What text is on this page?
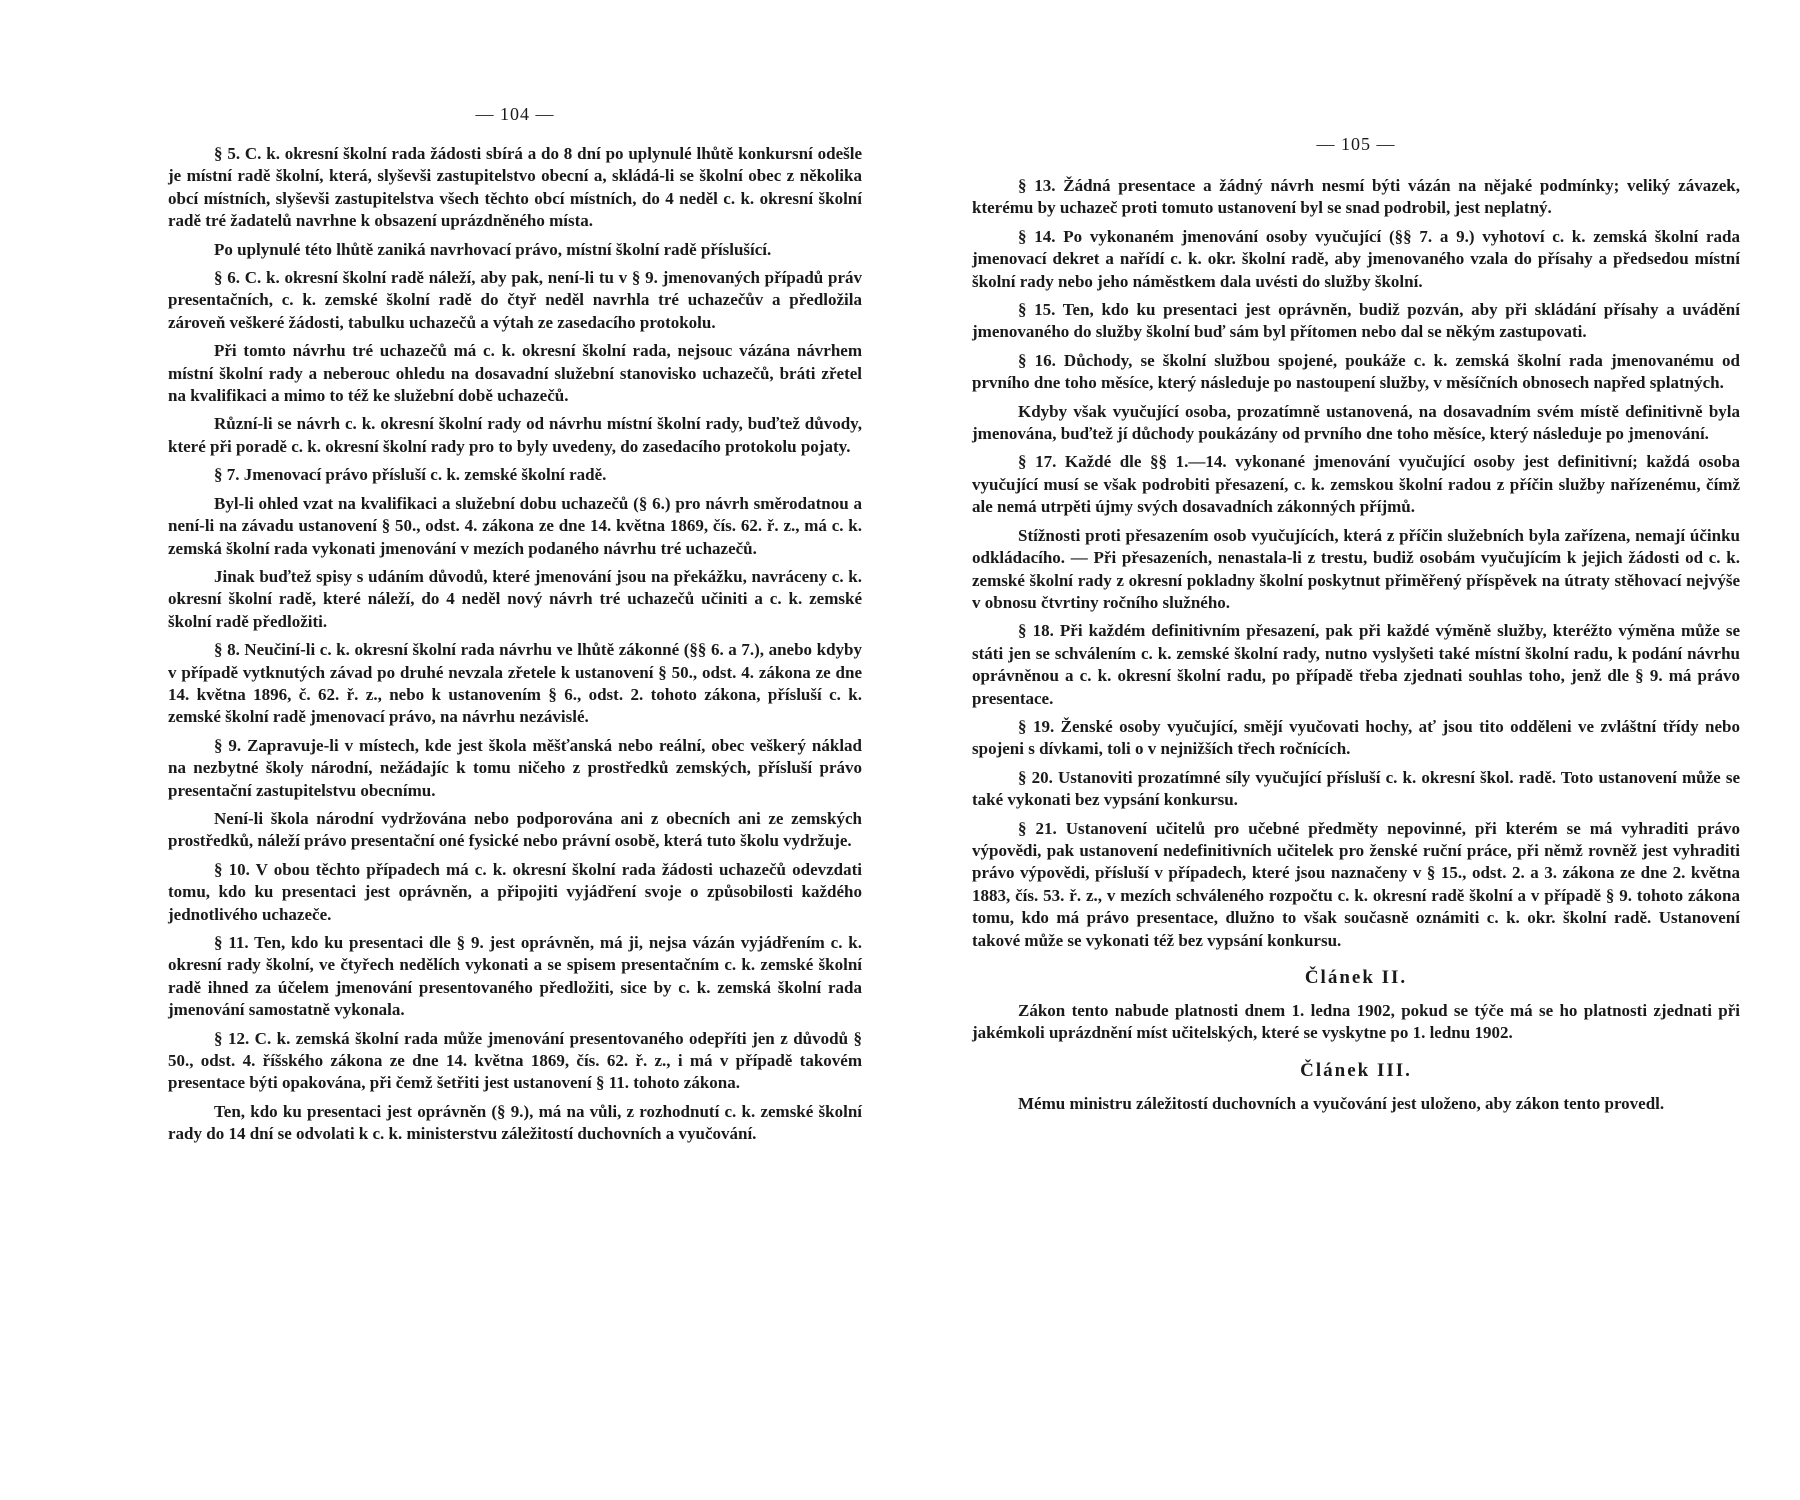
— 104 —

§ 5. C. k. okresní školní rada žádosti sbírá a do 8 dní po uplynulé lhůtě konkursní odešle je místní radě školní, která, slyševši zastupitelstvo obecní a, skládá-li se školní obec z několika obcí místních, slyševši zastupitelstva všech těchto obcí místních, do 4 neděl c. k. okresní školní radě tré žadatelů navrhne k obsazení uprázdněného místa.

Po uplynulé této lhůtě zaniká navrhovací právo, místní školní radě příslušící.

§ 6. C. k. okresní školní radě náleží, aby pak, není-li tu v § 9. jmenovaných případů práv presentačních, c. k. zemské školní radě do čtyř neděl navrhla tré uchazečův a předložila zároveň veškeré žádosti, tabulku uchazečů a výtah ze zasedacího protokolu.

Při tomto návrhu tré uchazečů má c. k. okresní školní rada, nejsouc vázána návrhem místní školní rady a neberouc ohledu na dosavadní služební stanovisko uchazečů, bráti zřetel na kvalifikaci a mimo to též ke služební době uchazečů.

Různí-li se návrh c. k. okresní školní rady od návrhu místní školní rady, buďtež důvody, které při poradě c. k. okresní školní rady pro to byly uvedeny, do zasedacího protokolu pojaty.

§ 7. Jmenovací právo přísluší c. k. zemské školní radě.

Byl-li ohled vzat na kvalifikaci a služební dobu uchazečů (§ 6.) pro návrh směrodatnou a není-li na závadu ustanovení § 50., odst. 4. zákona ze dne 14. května 1869, čís. 62. ř. z., má c. k. zemská školní rada vykonati jmenování v mezích podaného návrhu tré uchazečů.

Jinak buďtež spisy s udáním důvodů, které jmenování jsou na překážku, navráceny c. k. okresní školní radě, které náleží, do 4 neděl nový návrh tré uchazečů učiniti a c. k. zemské školní radě předložiti.

§ 8. Neučiní-li c. k. okresní školní rada návrhu ve lhůtě zákonné (§§ 6. a 7.), anebo kdyby v případě vytknutých závad po druhé nevzala zřetele k ustanovení § 50., odst. 4. zákona ze dne 14. května 1896, č. 62. ř. z., nebo k ustanovením § 6., odst. 2. tohoto zákona, přísluší c. k. zemské školní radě jmenovací právo, na návrhu nezávislé.

§ 9. Zapravuje-li v místech, kde jest škola měšťanská nebo reální, obec veškerý náklad na nezbytné školy národní, nežádajíc k tomu ničeho z prostředků zemských, přísluší právo presentační zastupitelstvu obecnímu.

Není-li škola národní vydržována nebo podporována ani z obecních ani ze zemských prostředků, náleží právo presentační oné fysické nebo právní osobě, která tuto školu vydržuje.

§ 10. V obou těchto případech má c. k. okresní školní rada žádosti uchazečů odevzdati tomu, kdo ku presentaci jest oprávněn, a připojiti vyjádření svoje o způsobilosti každého jednotlivého uchazeče.

§ 11. Ten, kdo ku presentaci dle § 9. jest oprávněn, má ji, nejsa vázán vyjádřením c. k. okresní rady školní, ve čtyřech nedělích vykonati a se spisem presentačním c. k. zemské školní radě ihned za účelem jmenování presentovaného předložiti, sice by c. k. zemská školní rada jmenování samostatně vykonala.

§ 12. C. k. zemská školní rada může jmenování presentovaného odepříti jen z důvodů § 50., odst. 4. říšského zákona ze dne 14. května 1869, čís. 62. ř. z., i má v případě takovém presentace býti opakována, při čemž šetřiti jest ustanovení § 11. tohoto zákona.

Ten, kdo ku presentaci jest oprávněn (§ 9.), má na vůli, z rozhodnutí c. k. zemské školní rady do 14 dní se odvolati k c. k. ministerstvu záležitostí duchovních a vyučování.

— 105 —

§ 13. Žádná presentace a žádný návrh nesmí býti vázán na nějaké podmínky; veliký závazek, kterému by uchazeč proti tomuto ustanovení byl se snad podrobil, jest neplatný.

§ 14. Po vykonaném jmenování osoby vyučující (§§ 7. a 9.) vyhotoví c. k. zemská školní rada jmenovací dekret a nařídí c. k. okr. školní radě, aby jmenovaného vzala do přísahy a předsedou místní školní rady nebo jeho náměstkem dala uvésti do služby školní.

§ 15. Ten, kdo ku presentaci jest oprávněn, budiž pozván, aby při skládání přísahy a uvádění jmenovaného do služby školní buď sám byl přítomen nebo dal se někým zastupovati.

§ 16. Důchody, se školní službou spojené, poukáže c. k. zemská školní rada jmenovanému od prvního dne toho měsíce, který následuje po nastoupení služby, v měsíčních obnosech napřed splatných.

Kdyby však vyučující osoba, prozatímně ustanovená, na dosavadním svém místě definitivně byla jmenována, buďtež jí důchody poukázány od prvního dne toho měsíce, který následuje po jmenování.

§ 17. Každé dle §§ 1.—14. vykonané jmenování vyučující osoby jest definitivní; každá osoba vyučující musí se však podrobiti přesazení, c. k. zemskou školní radou z příčin služby nařízenému, čímž ale nemá utrpěti újmy svých dosavadních zákonných příjmů.

Stížnosti proti přesazením osob vyučujících, která z příčin služebních byla zařízena, nemají účinku odkládacího. — Při přesazeních, nenastala-li z trestu, budiž osobám vyučujícím k jejich žádosti od c. k. zemské školní rady z okresní pokladny školní poskytnut přiměřený příspěvek na útraty stěhovací nejvýše v obnosu čtvrtiny ročního služného.

§ 18. Při každém definitivním přesazení, pak při každé výměně služby, kteréžto výměna může se státi jen se schválením c. k. zemské školní rady, nutno vyslyšeti také místní školní radu, k podání návrhu oprávněnou a c. k. okresní školní radu, po případě třeba zjednati souhlas toho, jenž dle § 9. má právo presentace.

§ 19. Ženské osoby vyučující, smějí vyučovati hochy, ať jsou tito odděleni ve zvláštní třídy nebo spojeni s dívkami, toli o v nejnižších třech ročnících.

§ 20. Ustanoviti prozatímné síly vyučující přísluší c. k. okresní škol. radě. Toto ustanovení může se také vykonati bez vypsání konkursu.

§ 21. Ustanovení učitelů pro učebné předměty nepovinné, při kterém se má vyhraditi právo výpovědi, pak ustanovení nedefinitivních učitelek pro ženské ruční práce, při němž rovněž jest vyhraditi právo výpovědi, přísluší v případech, které jsou naznačeny v § 15., odst. 2. a 3. zákona ze dne 2. května 1883, čís. 53. ř. z., v mezích schváleného rozpočtu c. k. okresní radě školní a v případě § 9. tohoto zákona tomu, kdo má právo presentace, dlužno to však současně oznámiti c. k. okr. školní radě. Ustanovení takové může se vykonati též bez vypsání konkursu.

Článek II.

Zákon tento nabude platnosti dnem 1. ledna 1902, pokud se týče má se ho platnosti zjednati při jakémkoli uprázdnění míst učitelských, které se vyskytne po 1. lednu 1902.

Článek III.

Mému ministru záležitostí duchovních a vyučování jest uloženo, aby zákon tento provedl.
